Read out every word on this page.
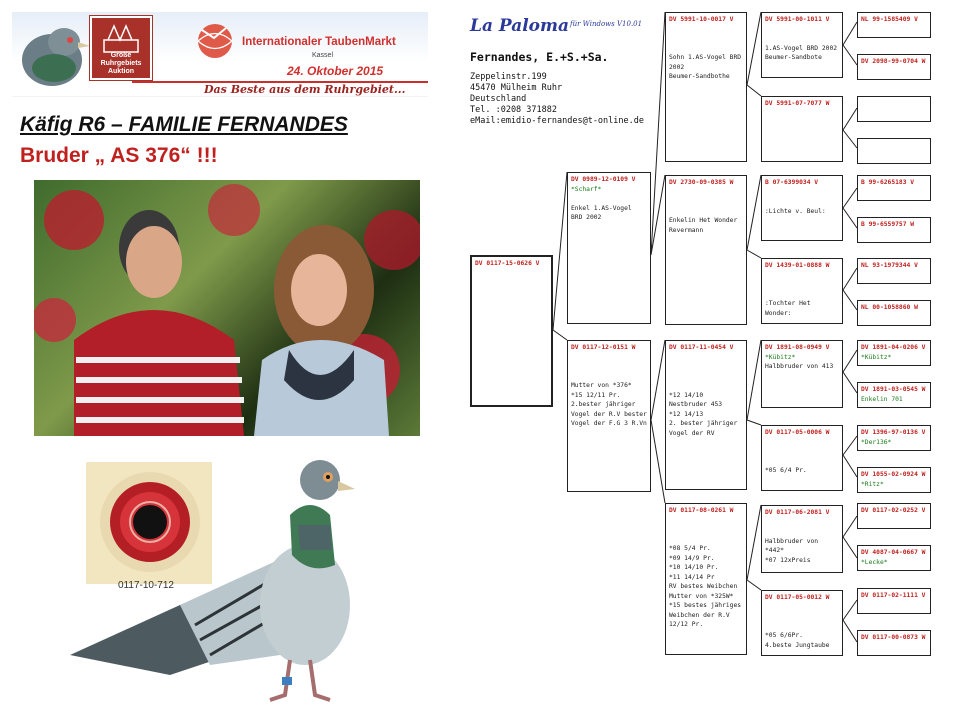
Große Ruhrgebiets Auktion
Internationaler TaubenMarkt
Kassel
24. Oktober 2015
Das Beste aus dem Ruhrgebiet...
Käfig R6 – FAMILIE FERNANDES
Bruder „ AS 376“ !!!
0117-10-712
La Paloma für Windows V10.01
Fernandes, E.+S.+Sa.
Zeppelinstr.199
45470 Mülheim Ruhr
Deutschland
Tel. :0208 371882
eMail:emidio-fernandes@t-online.de
DV 0117-15-0626 V
DV 0989-12-0109 V
*Scharf*

Enkel 1.AS-Vogel
BRD 2002
DV 0117-12-0151 W

Mutter von *376*
*15 12/11 Pr.
2.bester jähriger
Vogel der R.V bester
Vogel der F.G 3 R.Vn
DV 5991-10-0017 V

Sohn 1.AS-Vogel BRD
2002
Beumer-Sandbothe
DV 2730-09-0385 W

Enkelin Het Wonder
Revermann
DV 0117-11-0454 V

*12 14/10
Nestbruder 453
*12 14/13
2. bester jähriger
Vogel der RV
DV 0117-08-0261 W

*08 5/4 Pr.
*09 14/9 Pr.
*10 14/10 Pr.
*11 14/14 Pr
RV bestes Weibchen
Mutter von *325W*
*15 bestes jähriges
Weibchen der R.V
12/12 Pr.
DV 5991-00-1011 V

1.AS-Vogel BRD 2002
Beumer-Sandbote
DV 5991-07-7077 W
B 07-6399034 V

:Lichte v. Beul:
DV 1439-01-0888 W

:Tochter Het Wonder:
DV 1891-08-0949 V
*Kübitz*
Halbbruder von 413
DV 0117-05-0006 W

*05 6/4 Pr.
DV 0117-06-2081 V

Halbbruder von *442*
*07 12xPreis
DV 0117-05-0012 W

*05 6/6Pr.
4.beste Jungtaube
NL 99-1585409 V
DV 2098-99-0704 W
B 99-6265183 V
B 99-6559757 W
NL 93-1979344 V
NL 00-1058860 W
DV 1891-04-0206 V
*Kübitz*
DV 1891-03-0545 W
Enkelin 701
DV 1396-97-0136 V
*Der136*
DV 1055-02-0924 W
*Ritz*
DV 0117-02-0252 V
DV 4087-04-0667 W
*Lecke*
DV 0117-02-1111 V
DV 0117-00-0873 W
